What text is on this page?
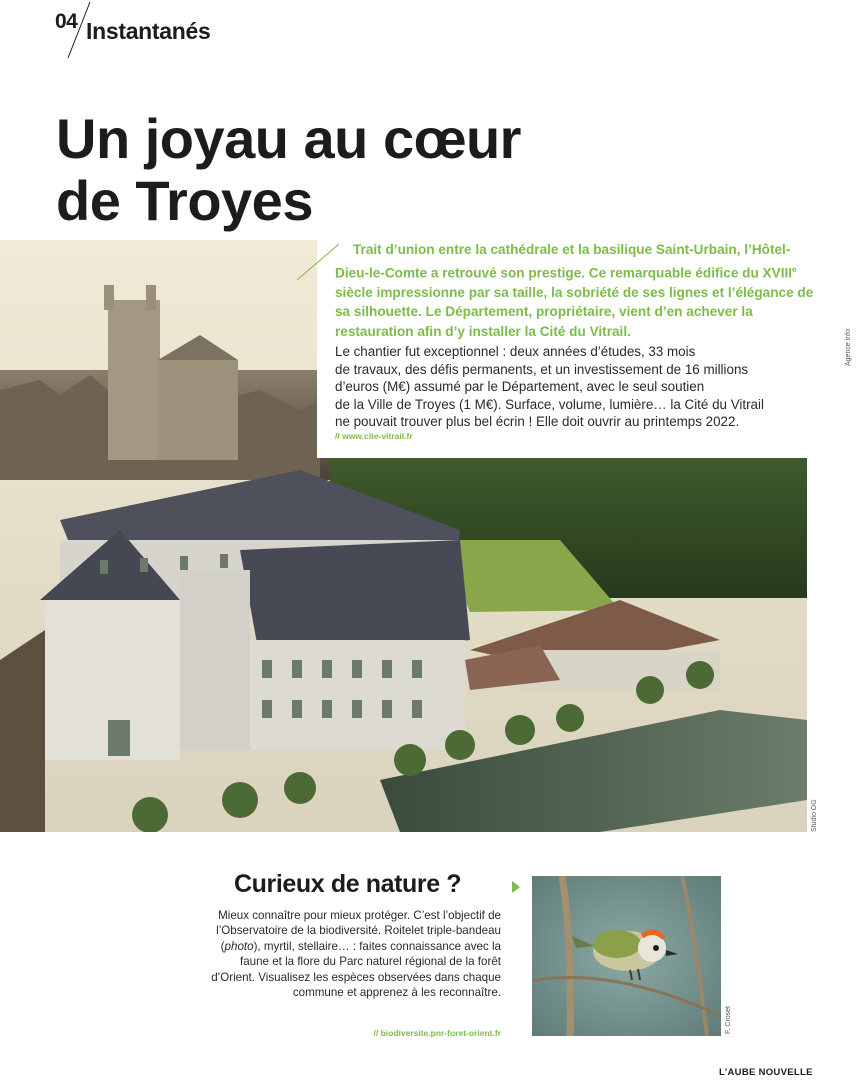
04 Instantanés
Un joyau au cœur
de Troyes

Trait d’union entre la cathédrale et la basilique Saint-Urbain, l’Hôtel-Dieu-le-Comte a retrouvé son prestige. Ce remarquable édifice du XVIIIe siècle impressionne par sa taille, la sobriété de ses lignes et l’élégance de sa silhouette. Le Département, propriétaire, vient d’en achever la restauration afin d’y installer la Cité du Vitrail.

Le chantier fut exceptionnel : deux années d’études, 33 mois
de travaux, des défis permanents, et un investissement de 16 millions
d’euros (M€) assumé par le Département, avec le seul soutien
de la Ville de Troyes (1 M€). Surface, volume, lumière… la Cité du Vitrail
ne pouvait trouver plus bel écrin ! Elle doit ouvrir au printemps 2022.
// www.cite-vitrail.fr
Agence info
Studio OG
Curieux de nature ?

Mieux connaître pour mieux protéger. C’est l’objectif de l’Observatoire de la biodiversité. Roitelet triple-bandeau (photo), myrtil, stellaire… : faites connaissance avec la faune et la flore du Parc naturel régional de la forêt d’Orient. Visualisez les espèces observées dans chaque commune et apprenez à les reconnaître.

// biodiversite.pnr-foret-orient.fr	F. Croset
L’AUBE NOUVELLE
